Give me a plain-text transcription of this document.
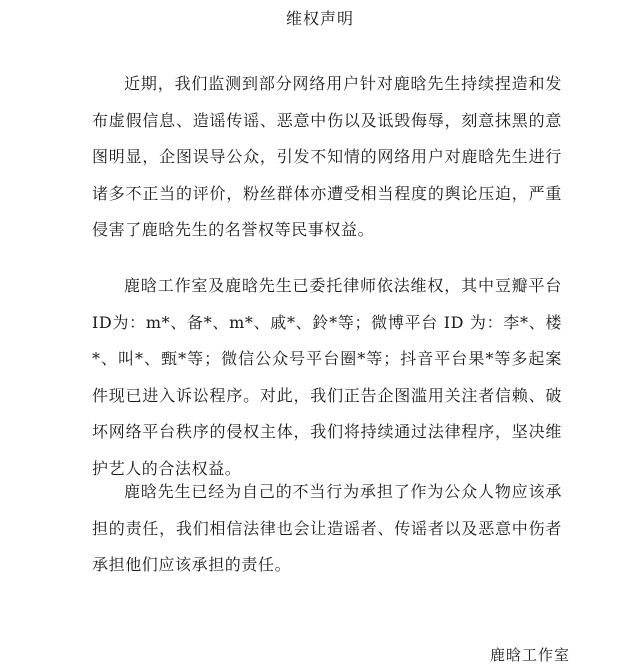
维权声明
近期，我们监测到部分网络用户针对鹿晗先生持续捏造和发布虚假信息、造谣传谣、恶意中伤以及诋毁侮辱，刻意抹黑的意图明显，企图误导公众，引发不知情的网络用户对鹿晗先生进行诸多不正当的评价，粉丝群体亦遭受相当程度的舆论压迫，严重侵害了鹿晗先生的名誉权等民事权益。
鹿晗工作室及鹿晗先生已委托律师依法维权，其中豆瓣平台 ID为：m*、备*、m*、戚*、鈴*等；微博平台 ID 为：李*、楼*、叫*、甄*等；微信公众号平台圈*等；抖音平台果*等多起案件现已进入诉讼程序。对此，我们正告企图滥用关注者信赖、破坏网络平台秩序的侵权主体，我们将持续通过法律程序，坚决维护艺人的合法权益。
鹿晗先生已经为自己的不当行为承担了作为公众人物应该承担的责任，我们相信法律也会让造谣者、传谣者以及恶意中伤者承担他们应该承担的责任。
鹿晗工作室
